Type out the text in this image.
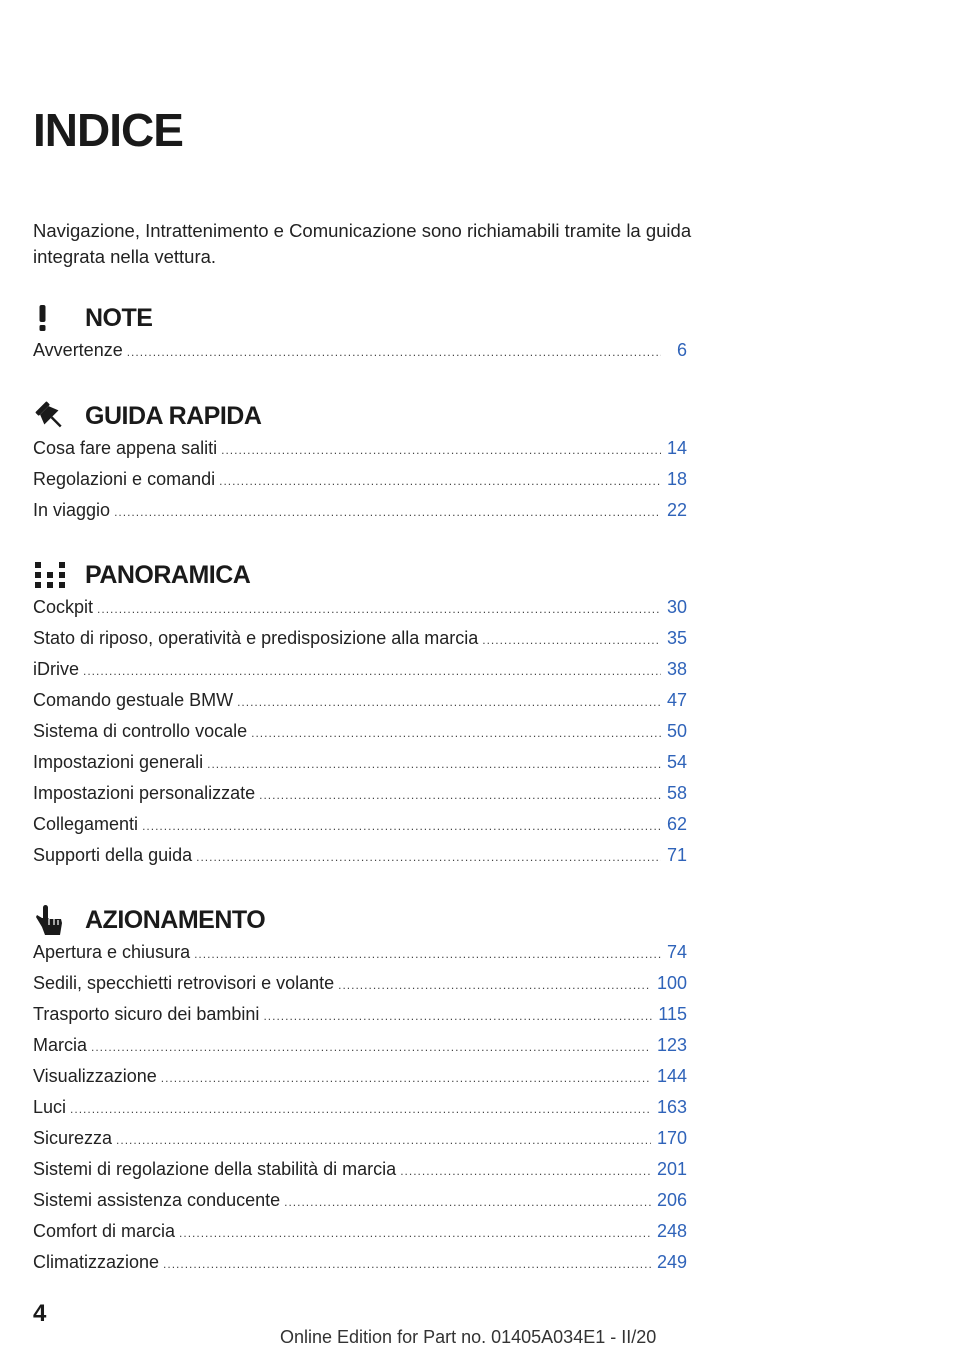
INDICE

Navigazione, Intrattenimento e Comunicazione sono richiamabili tramite la guida integrata nella vettura.

NOTE
Avvertenze .....	6
GUIDA RAPIDA
Cosa fare appena saliti .....	14
Regolazioni e comandi .....	18
In viaggio .....	22
PANORAMICA
Cockpit .....	30
Stato di riposo, operatività e predisposizione alla marcia .....	35
iDrive .....	38
Comando gestuale BMW .....	47
Sistema di controllo vocale .....	50
Impostazioni generali .....	54
Impostazioni personalizzate .....	58
Collegamenti .....	62
Supporti della guida .....	71
AZIONAMENTO
Apertura e chiusura .....	74
Sedili, specchietti retrovisori e volante .....	100
Trasporto sicuro dei bambini .....	115
Marcia .....	123
Visualizzazione .....	144
Luci .....	163
Sicurezza .....	170
Sistemi di regolazione della stabilità di marcia .....	201
Sistemi assistenza conducente .....	206
Comfort di marcia .....	248
Climatizzazione .....	249
4
Online Edition for Part no. 01405A034E1 - II/20
